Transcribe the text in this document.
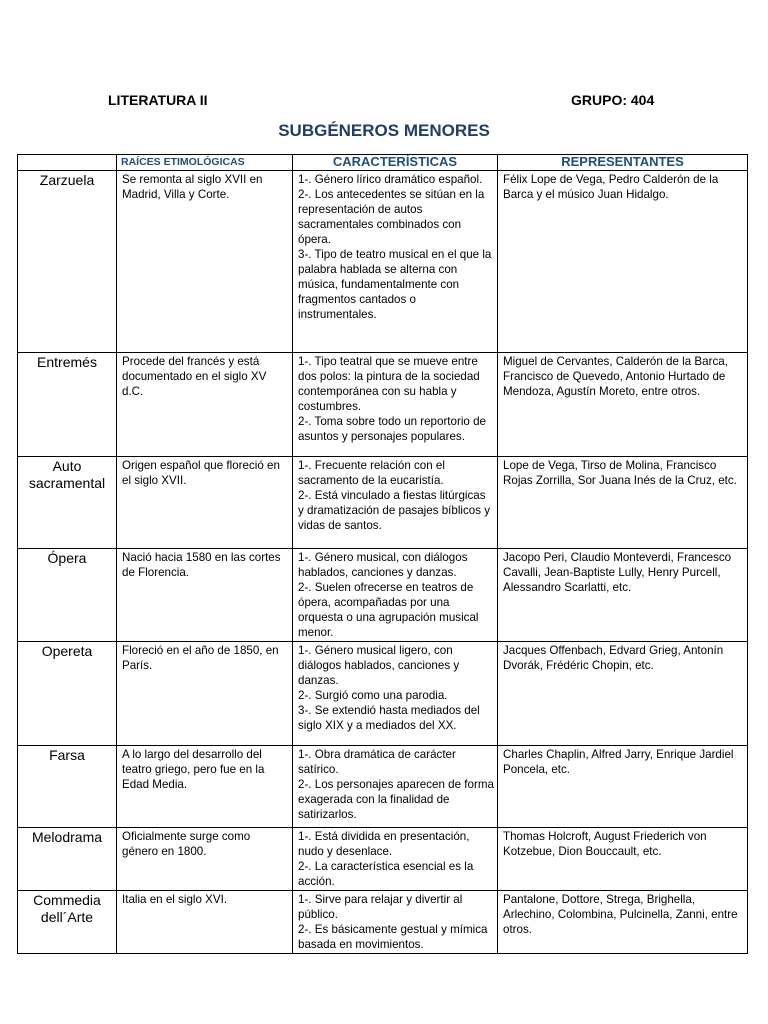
LITERATURA II	GRUPO: 404
SUBGÉNEROS MENORES
	RAÍCES ETIMOLÓGICAS	CARACTERÍSTICAS	REPRESENTANTES
Zarzuela	Se remonta al siglo XVII en Madrid, Villa y Corte.	1-. Género lírico dramático español.
2-. Los antecedentes se sitúan en la representación de autos sacramentales combinados con ópera.
3-. Tipo de teatro musical en el que la palabra hablada se alterna con música, fundamentalmente con fragmentos cantados o instrumentales.	Félix Lope de Vega, Pedro Calderón de la Barca y el músico Juan Hidalgo.
Entremés	Procede del francés y está documentado en el siglo XV d.C.	1-. Tipo teatral que se mueve entre dos polos: la pintura de la sociedad contemporánea con su habla y costumbres.
2-. Toma sobre todo un reportorio de asuntos y personajes populares.	Miguel de Cervantes, Calderón de la Barca, Francisco de Quevedo, Antonio Hurtado de Mendoza, Agustín Moreto, entre otros.
Auto sacramental	Origen español que floreció en el siglo XVII.	1-. Frecuente relación con el sacramento de la eucaristía.
2-. Está vinculado a fiestas litúrgicas y dramatización de pasajes bíblicos y vidas de santos.	Lope de Vega, Tirso de Molina, Francisco Rojas Zorrilla, Sor Juana Inés de la Cruz, etc.
Ópera	Nació hacia 1580 en las cortes de Florencia.	1-. Género musical, con diálogos hablados, canciones y danzas.
2-. Suelen ofrecerse en teatros de ópera, acompañadas por una orquesta o una agrupación musical menor.	Jacopo Peri, Claudio Monteverdi, Francesco Cavalli, Jean-Baptiste Lully, Henry Purcell, Alessandro Scarlatti, etc.
Opereta	Floreció en el año de 1850, en París.	1-. Género musical ligero, con diálogos hablados, canciones y danzas.
2-. Surgió como una parodia.
3-. Se extendió hasta mediados del siglo XIX y a mediados del XX.	Jacques Offenbach, Edvard Grieg, Antonín Dvorák, Frédéric Chopin, etc.
Farsa	A lo largo del desarrollo del teatro griego, pero fue en la Edad Media.	1-. Obra dramática de carácter satírico.
2-. Los personajes aparecen de forma exagerada con la finalidad de satirizarlos.	Charles Chaplin, Alfred Jarry, Enrique Jardiel Poncela, etc.
Melodrama	Oficialmente surge como género en 1800.	1-. Está dividida en presentación, nudo y desenlace.
2-. La característica esencial es la acción.	Thomas Holcroft, August Friederich von Kotzebue, Dion Bouccault, etc.
Commedia dell´Arte	Italia en el siglo XVI.	1-. Sirve para relajar y divertir al público.
2-. Es básicamente gestual y mímica basada en movimientos.	Pantalone, Dottore, Strega, Brighella, Arlechino, Colombina, Pulcinella, Zanni, entre otros.
